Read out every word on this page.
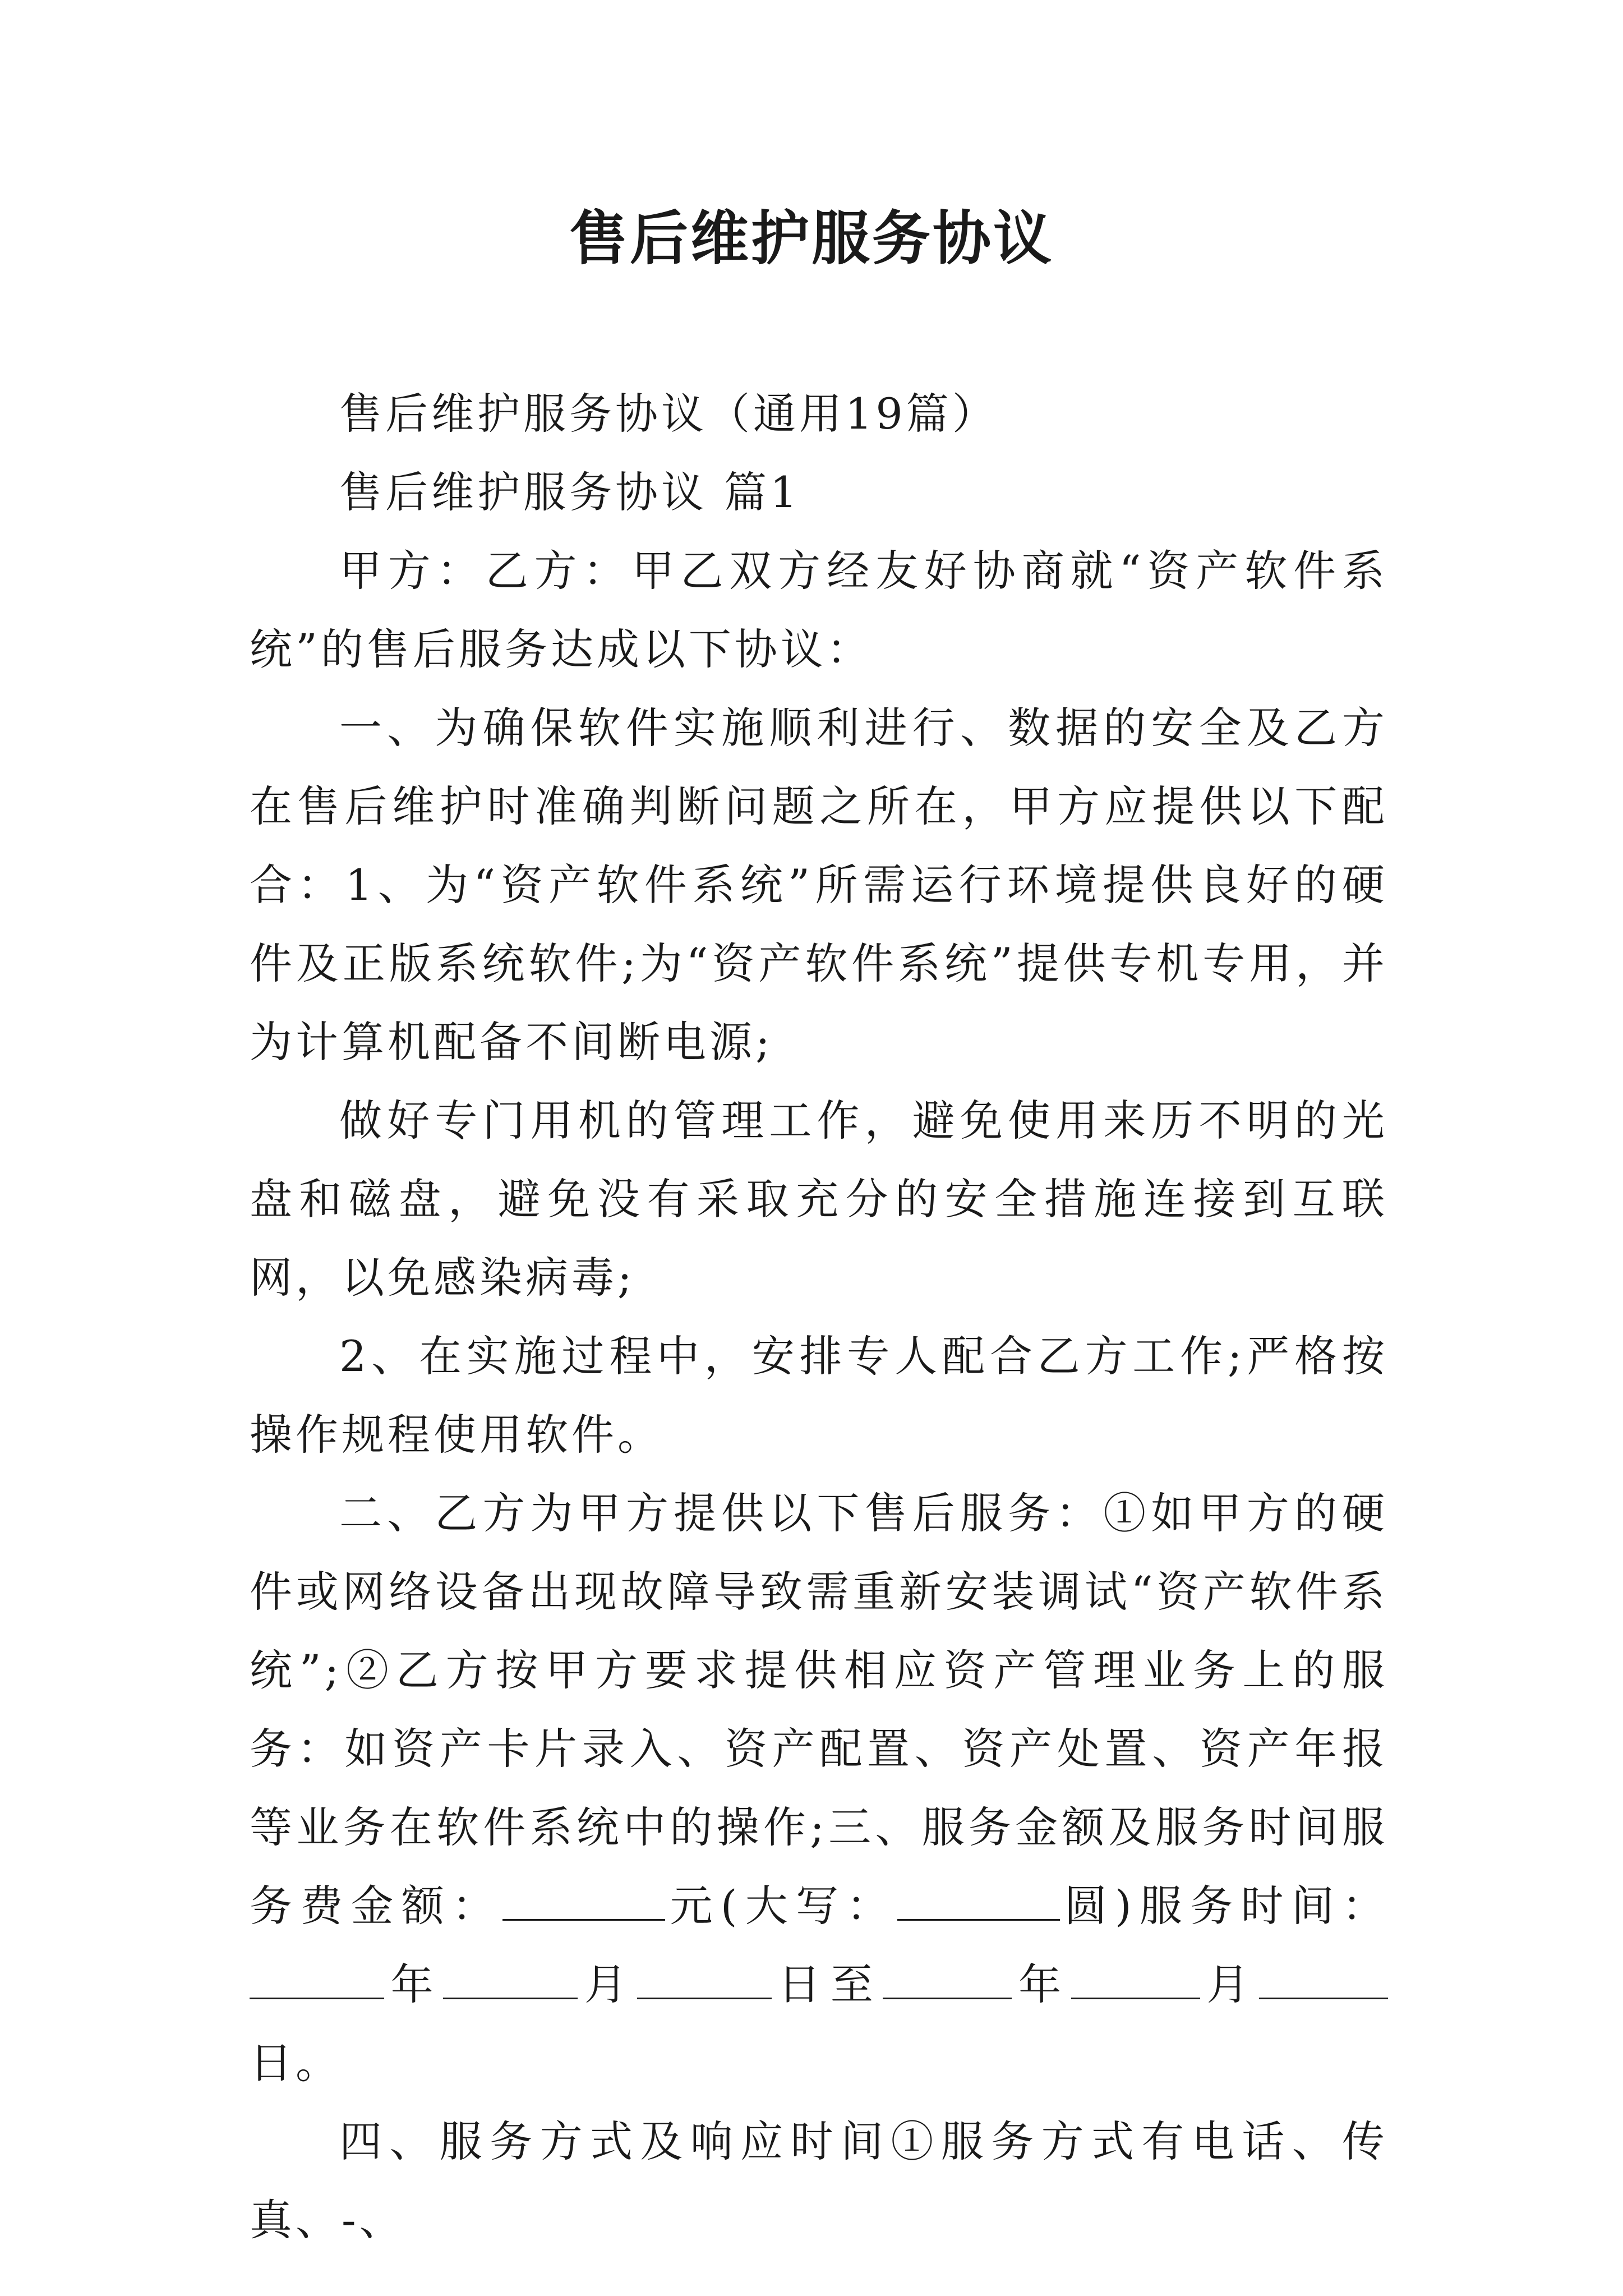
售后维护服务协议

售后维护服务协议（通用19篇）

售后维护服务协议 篇1

甲方：乙方：甲乙双方经友好协商就“资产软件系统”的售后服务达成以下协议：

一、为确保软件实施顺利进行、数据的安全及乙方在售后维护时准确判断问题之所在，甲方应提供以下配合：1、为“资产软件系统”所需运行环境提供良好的硬件及正版系统软件;为“资产软件系统”提供专机专用，并为计算机配备不间断电源;

做好专门用机的管理工作，避免使用来历不明的光盘和磁盘，避免没有采取充分的安全措施连接到互联网，以免感染病毒;

2、在实施过程中，安排专人配合乙方工作;严格按操作规程使用软件。

二、乙方为甲方提供以下售后服务：①如甲方的硬件或网络设备出现故障导致需重新安装调试“资产软件系统”;②乙方按甲方要求提供相应资产管理业务上的服务：如资产卡片录入、资产配置、资产处置、资产年报等业务在软件系统中的操作;三、服务金额及服务时间服务费金额：	元(大写：	圆)服务时间：年	月	日至	年	月日。

四、服务方式及响应时间①服务方式有电话、传真、-、
